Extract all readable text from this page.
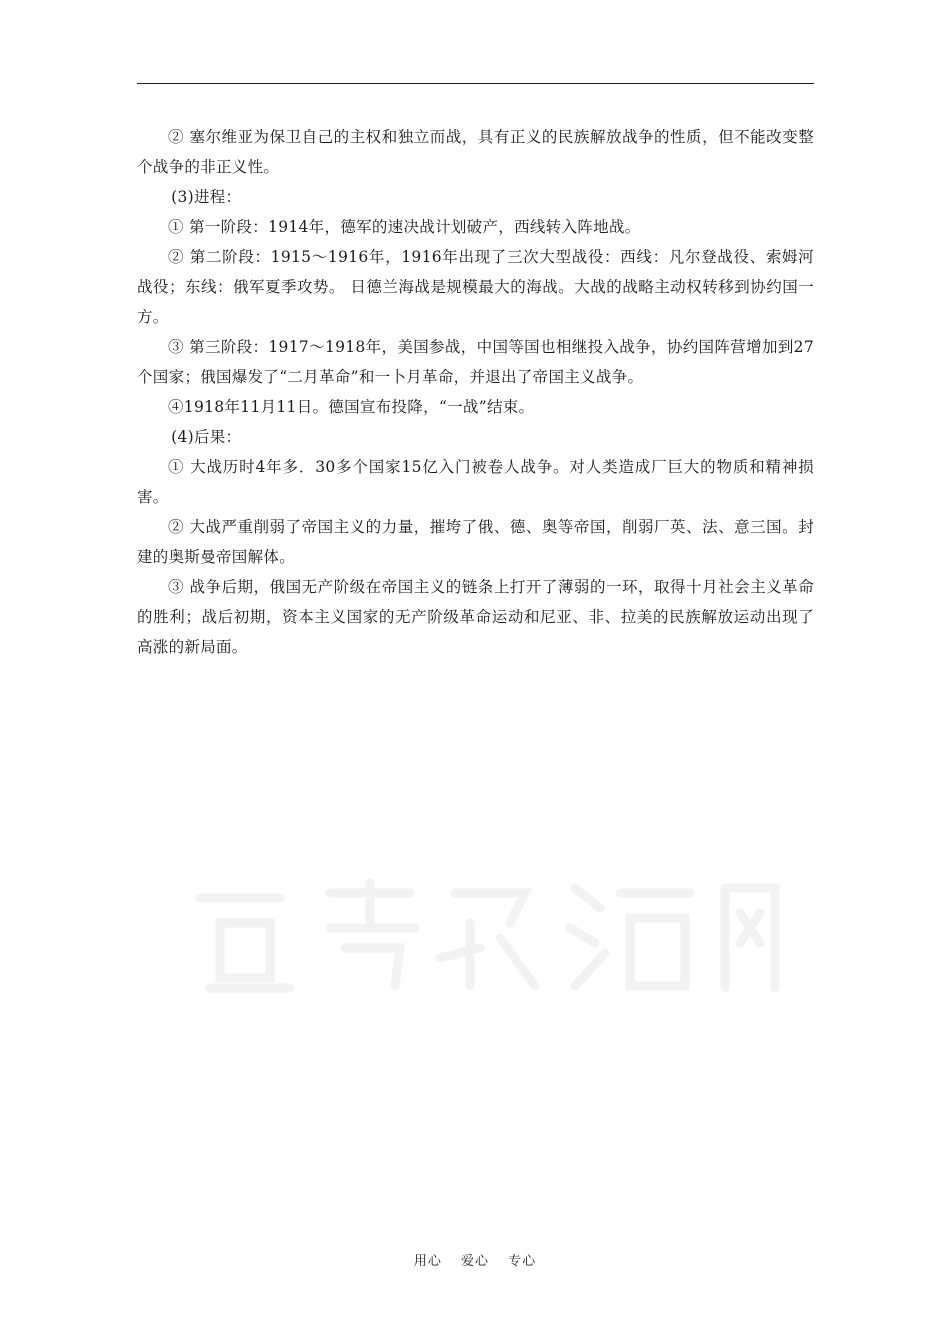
② 塞尔维亚为保卫自己的主权和独立而战，具有正义的民族解放战争的性质，但不能改变整个战争的非正义性。

(3)进程：

① 第一阶段：1914年，德军的速决战计划破产，西线转入阵地战。

② 第二阶段：1915～1916年，1916年出现了三次大型战役：西线：凡尔登战役、索姆河战役；东线：俄军夏季攻势。 日德兰海战是规模最大的海战。大战的战略主动权转移到协约国一方。

③ 第三阶段：1917～1918年，美国参战，中国等国也相继投入战争，协约国阵营增加到27个国家；俄国爆发了“二月革命”和一卜月革命，并退出了帝国主义战争。

④1918年11月11日。德国宣布投降，“一战”结束。

(4)后果：

① 大战历时4年多．30多个国家15亿入门被卷人战争。对人类造成厂巨大的物质和精神损害。

② 大战严重削弱了帝国主义的力量，摧垮了俄、德、奥等帝国，削弱厂英、法、意三国。封建的奥斯曼帝国解体。

③ 战争后期，俄国无产阶级在帝国主义的链条上打开了薄弱的一环，取得十月社会主义革命的胜利；战后初期，资本主义国家的无产阶级革命运动和尼亚、非、拉美的民族解放运动出现了高涨的新局面。

用心 爱心 专心
